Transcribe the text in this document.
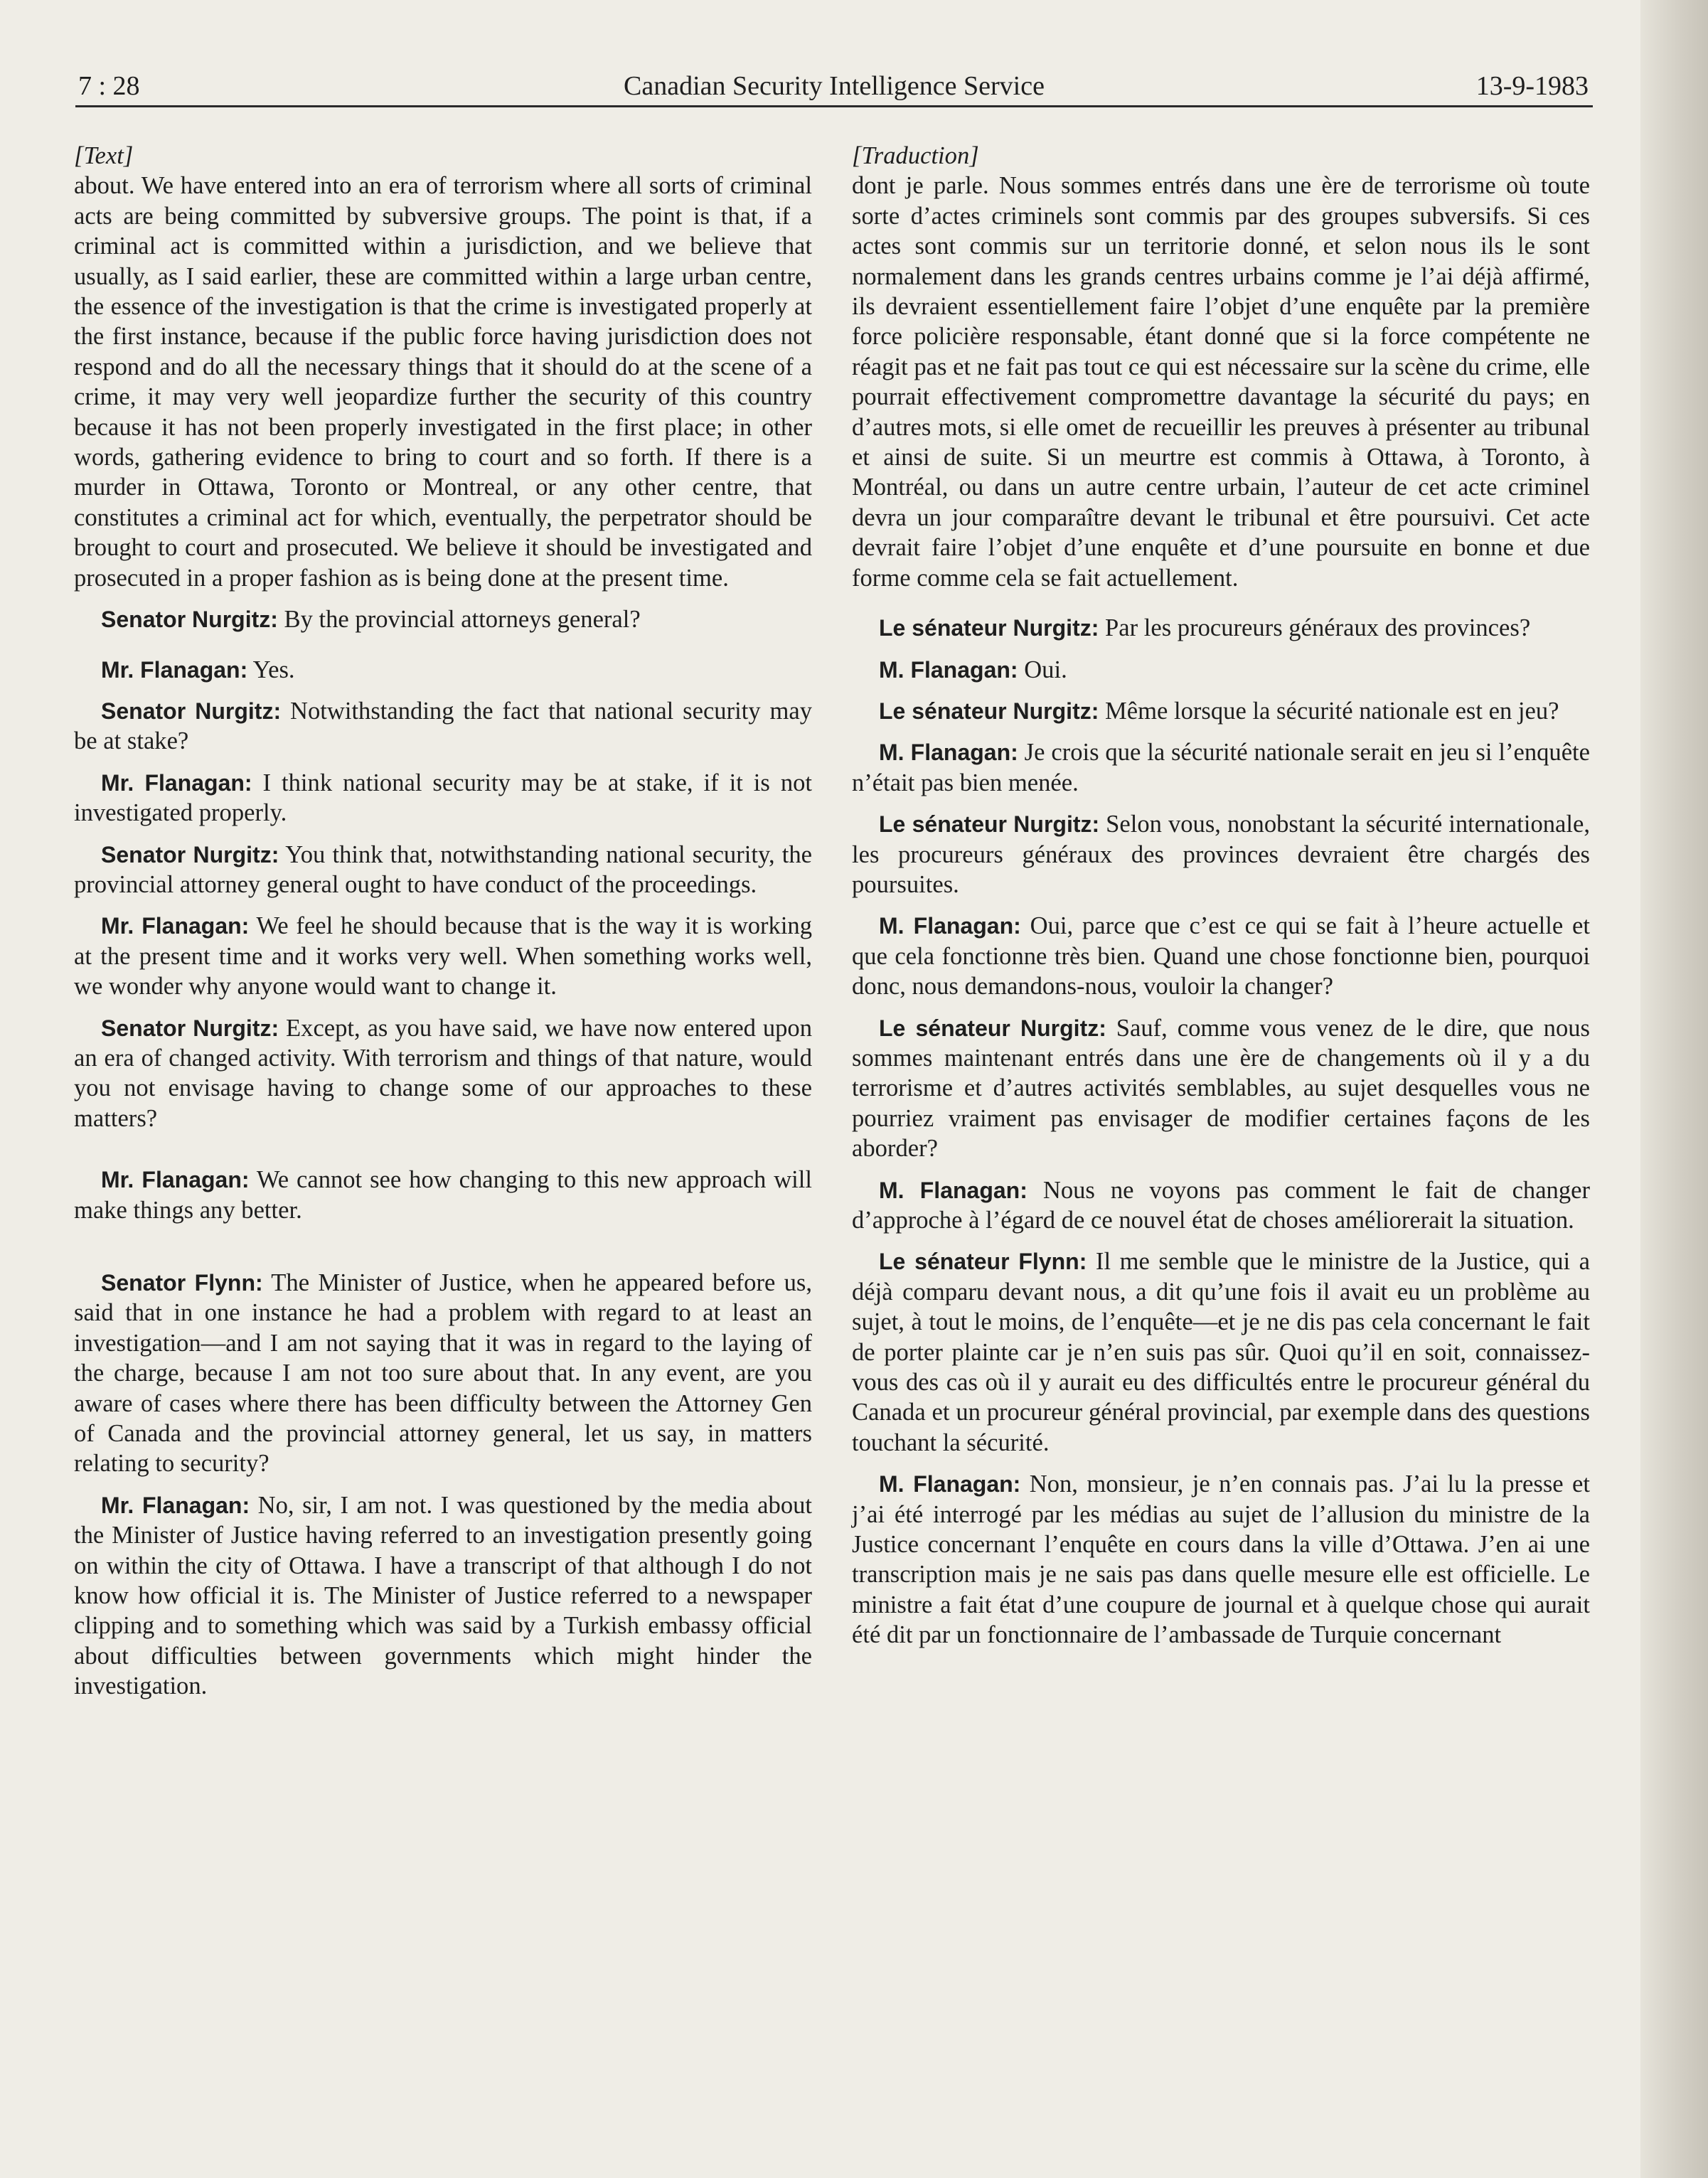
7 : 28	Canadian Security Intelligence Service	13-9-1983
[Text]

about. We have entered into an era of terrorism where all sorts of criminal acts are being committed by subversive groups. The point is that, if a criminal act is committed within a jurisdiction, and we believe that usually, as I said earlier, these are committed within a large urban centre, the essence of the investigation is that the crime is investigated properly at the first instance, because if the public force having jurisdiction does not respond and do all the necessary things that it should do at the scene of a crime, it may very well jeopardize further the security of this country because it has not been properly investigated in the first place; in other words, gathering evidence to bring to court and so forth. If there is a murder in Ottawa, Toronto or Montreal, or any other centre, that constitutes a criminal act for which, eventually, the perpetrator should be brought to court and prosecuted. We believe it should be investigated and prosecuted in a proper fashion as is being done at the present time.

Senator Nurgitz: By the provincial attorneys general?

Mr. Flanagan: Yes.

Senator Nurgitz: Notwithstanding the fact that national security may be at stake?

Mr. Flanagan: I think national security may be at stake, if it is not investigated properly.

Senator Nurgitz: You think that, notwithstanding national security, the provincial attorney general ought to have conduct of the proceedings.

Mr. Flanagan: We feel he should because that is the way it is working at the present time and it works very well. When something works well, we wonder why anyone would want to change it.

Senator Nurgitz: Except, as you have said, we have now entered upon an era of changed activity. With terrorism and things of that nature, would you not envisage having to change some of our approaches to these matters?

Mr. Flanagan: We cannot see how changing to this new approach will make things any better.

Senator Flynn: The Minister of Justice, when he appeared before us, said that in one instance he had a problem with regard to at least an investigation—and I am not saying that it was in regard to the laying of the charge, because I am not too sure about that. In any event, are you aware of cases where there has been difficulty between the Attorney Gen of Canada and the provincial attorney general, let us say, in matters relating to security?

Mr. Flanagan: No, sir, I am not. I was questioned by the media about the Minister of Justice having referred to an investigation presently going on within the city of Ottawa. I have a transcript of that although I do not know how official it is. The Minister of Justice referred to a newspaper clipping and to something which was said by a Turkish embassy official about difficulties between governments which might hinder the investigation.

[Traduction]

dont je parle. Nous sommes entrés dans une ère de terrorisme où toute sorte d’actes criminels sont commis par des groupes subversifs. Si ces actes sont commis sur un territorie donné, et selon nous ils le sont normalement dans les grands centres urbains comme je l’ai déjà affirmé, ils devraient essentiellement faire l’objet d’une enquête par la première force policière responsable, étant donné que si la force compétente ne réagit pas et ne fait pas tout ce qui est nécessaire sur la scène du crime, elle pourrait effectivement compromettre davantage la sécurité du pays; en d’autres mots, si elle omet de recueillir les preuves à présenter au tribunal et ainsi de suite. Si un meurtre est commis à Ottawa, à Toronto, à Montréal, ou dans un autre centre urbain, l’auteur de cet acte criminel devra un jour comparaître devant le tribunal et être poursuivi. Cet acte devrait faire l’objet d’une enquête et d’une poursuite en bonne et due forme comme cela se fait actuellement.

Le sénateur Nurgitz: Par les procureurs généraux des provinces?

M. Flanagan: Oui.

Le sénateur Nurgitz: Même lorsque la sécurité nationale est en jeu?

M. Flanagan: Je crois que la sécurité nationale serait en jeu si l’enquête n’était pas bien menée.

Le sénateur Nurgitz: Selon vous, nonobstant la sécurité internationale, les procureurs généraux des provinces devraient être chargés des poursuites.

M. Flanagan: Oui, parce que c’est ce qui se fait à l’heure actuelle et que cela fonctionne très bien. Quand une chose fonctionne bien, pourquoi donc, nous demandons-nous, vouloir la changer?

Le sénateur Nurgitz: Sauf, comme vous venez de le dire, que nous sommes maintenant entrés dans une ère de changements où il y a du terrorisme et d’autres activités semblables, au sujet desquelles vous ne pourriez vraiment pas envisager de modifier certaines façons de les aborder?

M. Flanagan: Nous ne voyons pas comment le fait de changer d’approche à l’égard de ce nouvel état de choses améliorerait la situation.

Le sénateur Flynn: Il me semble que le ministre de la Justice, qui a déjà comparu devant nous, a dit qu’une fois il avait eu un problème au sujet, à tout le moins, de l’enquête—et je ne dis pas cela concernant le fait de porter plainte car je n’en suis pas sûr. Quoi qu’il en soit, connaissez-vous des cas où il y aurait eu des difficultés entre le procureur général du Canada et un procureur général provincial, par exemple dans des questions touchant la sécurité.

M. Flanagan: Non, monsieur, je n’en connais pas. J’ai lu la presse et j’ai été interrogé par les médias au sujet de l’allusion du ministre de la Justice concernant l’enquête en cours dans la ville d’Ottawa. J’en ai une transcription mais je ne sais pas dans quelle mesure elle est officielle. Le ministre a fait état d’une coupure de journal et à quelque chose qui aurait été dit par un fonctionnaire de l’ambassade de Turquie concernant
